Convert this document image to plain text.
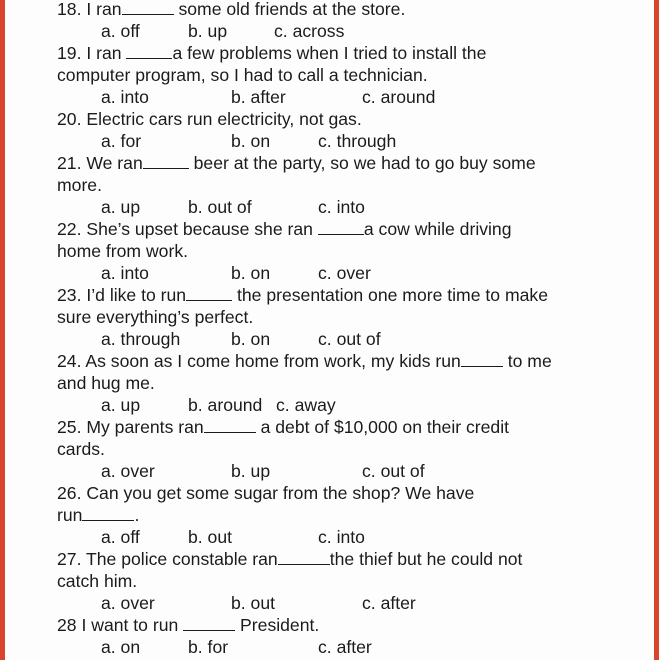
18. I ran	some old friends at the store.
a. off	b. up	c. across
19. I ran	a few problems when I tried to install the
computer program, so I had to call a technician.
a. into	b. after	c. around
20. Electric cars run electricity, not gas.
a. for	b. on	c. through
21. We ran	beer at the party, so we had to go buy some
more.
a. up	b. out of	c. into
22. She’s upset because she ran	a cow while driving
home from work.
a. into	b. on	c. over
23. I’d like to run	the presentation one more time to make
sure everything’s perfect.
a. through	b. on	c. out of
24. As soon as I come home from work, my kids run to me
and hug me.
a. up	b. around c. away
25. My parents ran	a debt of $10,000 on their credit
cards.
a. over	b. up	c. out of
26. Can you get some sugar from the shop? We have
run	.
a. off	b. out	c. into
27. The police constable ran	the thief but he could not
catch him.
a. over	b. out	c. after
28 I want to run	President.
a. on	b. for	c. after
